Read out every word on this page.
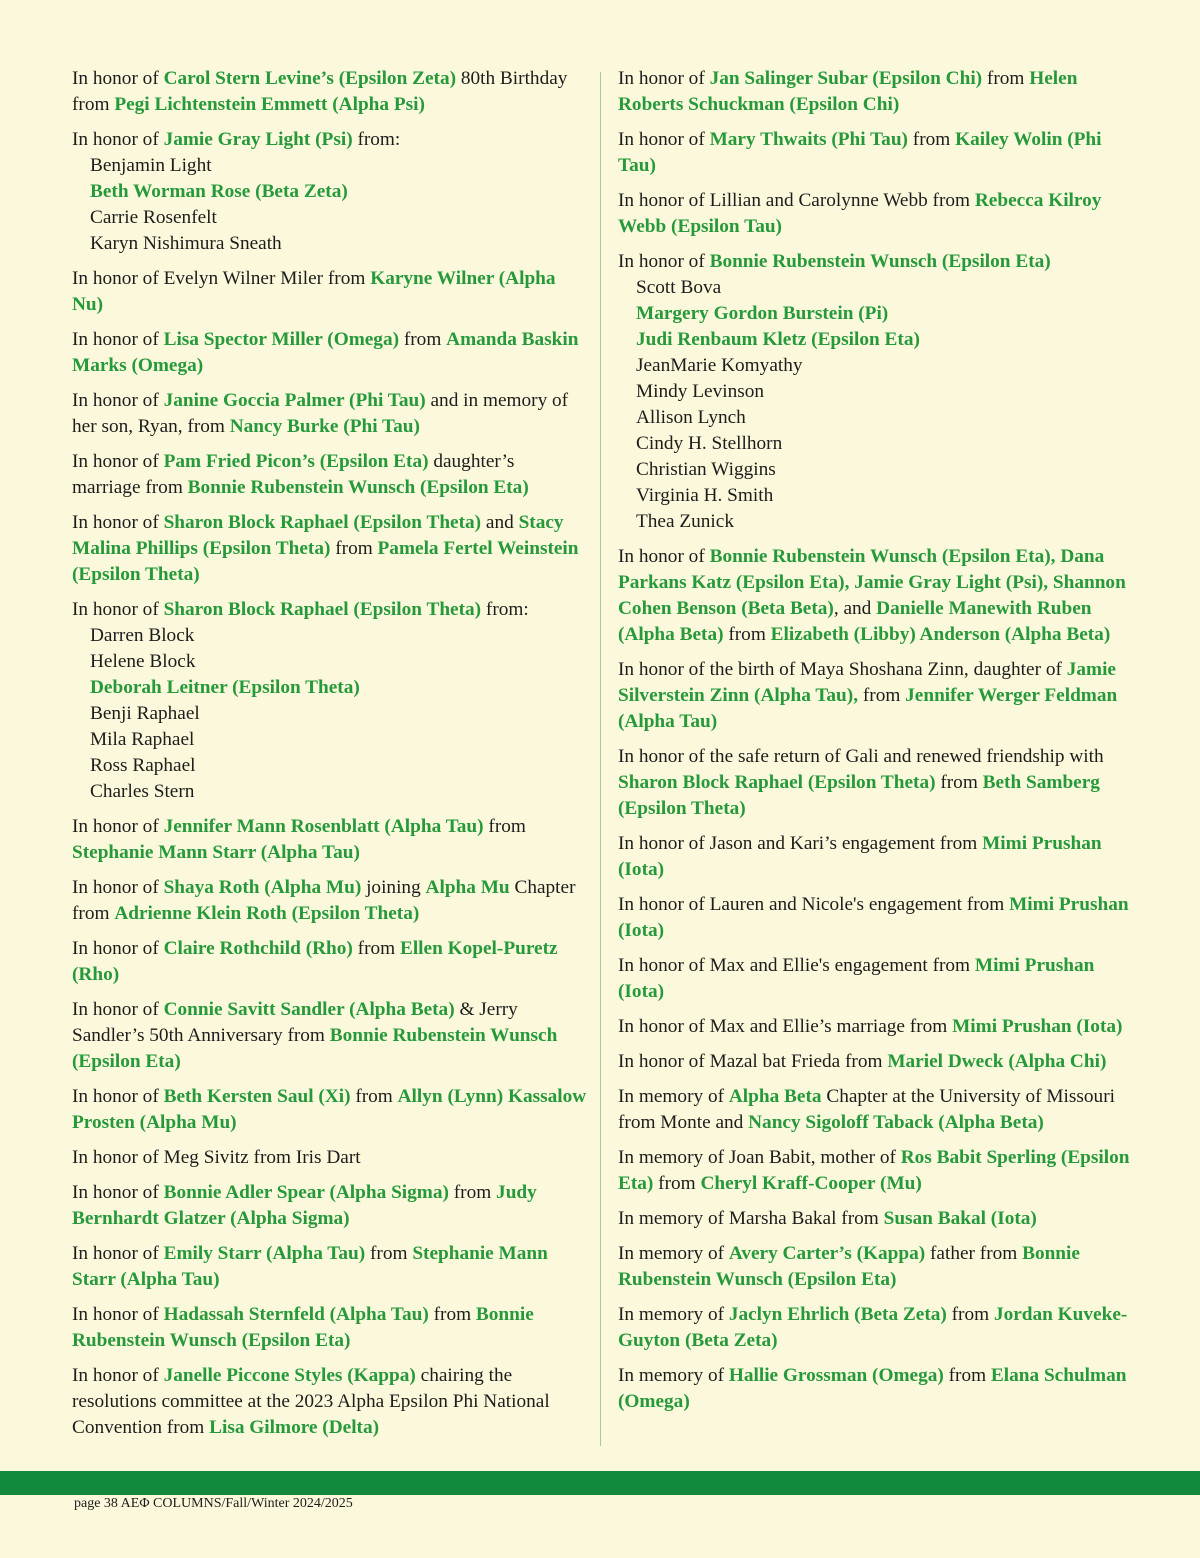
In honor of Carol Stern Levine’s (Epsilon Zeta) 80th Birthday from Pegi Lichtenstein Emmett (Alpha Psi)

In honor of Jamie Gray Light (Psi) from:

Benjamin Light
Beth Worman Rose (Beta Zeta)
Carrie Rosenfelt
Karyn Nishimura Sneath

In honor of Evelyn Wilner Miler from Karyne Wilner (Alpha Nu)

In honor of Lisa Spector Miller (Omega) from Amanda Baskin Marks (Omega)

In honor of Janine Goccia Palmer (Phi Tau) and in memory of her son, Ryan, from Nancy Burke (Phi Tau)

In honor of Pam Fried Picon’s (Epsilon Eta) daughter’s marriage from Bonnie Rubenstein Wunsch (Epsilon Eta)

In honor of Sharon Block Raphael (Epsilon Theta) and Stacy Malina Phillips (Epsilon Theta) from Pamela Fertel Weinstein (Epsilon Theta)

In honor of Sharon Block Raphael (Epsilon Theta) from:

Darren Block
Helene Block
Deborah Leitner (Epsilon Theta)
Benji Raphael
Mila Raphael
Ross Raphael
Charles Stern

In honor of Jennifer Mann Rosenblatt (Alpha Tau) from Stephanie Mann Starr (Alpha Tau)

In honor of Shaya Roth (Alpha Mu) joining Alpha Mu Chapter from Adrienne Klein Roth (Epsilon Theta)

In honor of Claire Rothchild (Rho) from Ellen Kopel-Puretz (Rho)

In honor of Connie Savitt Sandler (Alpha Beta) & Jerry Sandler’s 50th Anniversary from Bonnie Rubenstein Wunsch (Epsilon Eta)

In honor of Beth Kersten Saul (Xi) from Allyn (Lynn) Kassalow Prosten (Alpha Mu)

In honor of Meg Sivitz from Iris Dart

In honor of Bonnie Adler Spear (Alpha Sigma) from Judy Bernhardt Glatzer (Alpha Sigma)

In honor of Emily Starr (Alpha Tau) from Stephanie Mann Starr (Alpha Tau)

In honor of Hadassah Sternfeld (Alpha Tau) from Bonnie Rubenstein Wunsch (Epsilon Eta)

In honor of Janelle Piccone Styles (Kappa) chairing the resolutions committee at the 2023 Alpha Epsilon Phi National Convention from Lisa Gilmore (Delta)

In honor of Jan Salinger Subar (Epsilon Chi) from Helen Roberts Schuckman (Epsilon Chi)

In honor of Mary Thwaits (Phi Tau) from Kailey Wolin (Phi Tau)

In honor of Lillian and Carolynne Webb from Rebecca Kilroy Webb (Epsilon Tau)

In honor of Bonnie Rubenstein Wunsch (Epsilon Eta)

Scott Bova
Margery Gordon Burstein (Pi)
Judi Renbaum Kletz (Epsilon Eta)
JeanMarie Komyathy
Mindy Levinson
Allison Lynch
Cindy H. Stellhorn
Christian Wiggins
Virginia H. Smith
Thea Zunick

In honor of Bonnie Rubenstein Wunsch (Epsilon Eta), Dana Parkans Katz (Epsilon Eta), Jamie Gray Light (Psi), Shannon Cohen Benson (Beta Beta), and Danielle Manewith Ruben (Alpha Beta) from Elizabeth (Libby) Anderson (Alpha Beta)

In honor of the birth of Maya Shoshana Zinn, daughter of Jamie Silverstein Zinn (Alpha Tau), from Jennifer Werger Feldman (Alpha Tau)

In honor of the safe return of Gali and renewed friendship with Sharon Block Raphael (Epsilon Theta) from Beth Samberg (Epsilon Theta)

In honor of Jason and Kari’s engagement from Mimi Prushan (Iota)

In honor of Lauren and Nicole's engagement from Mimi Prushan (Iota)

In honor of Max and Ellie's engagement from Mimi Prushan (Iota)

In honor of Max and Ellie’s marriage from Mimi Prushan (Iota)

In honor of Mazal bat Frieda from Mariel Dweck (Alpha Chi)

In memory of Alpha Beta Chapter at the University of Missouri from Monte and Nancy Sigoloff Taback (Alpha Beta)

In memory of Joan Babit, mother of Ros Babit Sperling (Epsilon Eta) from Cheryl Kraff-Cooper (Mu)

In memory of Marsha Bakal from Susan Bakal (Iota)

In memory of Avery Carter’s (Kappa) father from Bonnie Rubenstein Wunsch (Epsilon Eta)

In memory of Jaclyn Ehrlich (Beta Zeta) from Jordan Kuveke-Guyton (Beta Zeta)

In memory of Hallie Grossman (Omega) from Elana Schulman (Omega)

page 38 AEΦ COLUMNS/Fall/Winter 2024/2025
